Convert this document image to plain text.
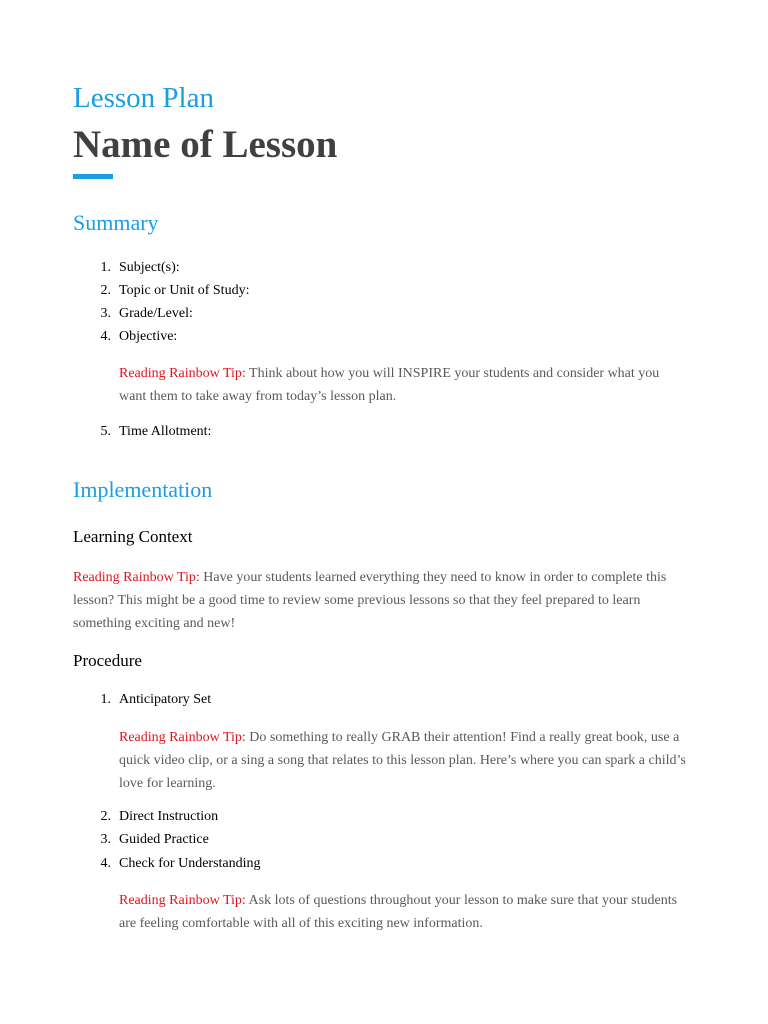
Lesson Plan
Name of Lesson
Summary
1. Subject(s):
2. Topic or Unit of Study:
3. Grade/Level:
4. Objective:

Reading Rainbow Tip: Think about how you will INSPIRE your students and consider what you want them to take away from today’s lesson plan.

5. Time Allotment:
Implementation
Learning Context

Reading Rainbow Tip: Have your students learned everything they need to know in order to complete this lesson? This might be a good time to review some previous lessons so that they feel prepared to learn something exciting and new!

Procedure
1. Anticipatory Set

Reading Rainbow Tip: Do something to really GRAB their attention! Find a really great book, use a quick video clip, or a sing a song that relates to this lesson plan. Here’s where you can spark a child’s love for learning.

2. Direct Instruction
3. Guided Practice
4. Check for Understanding

Reading Rainbow Tip: Ask lots of questions throughout your lesson to make sure that your students are feeling comfortable with all of this exciting new information.
